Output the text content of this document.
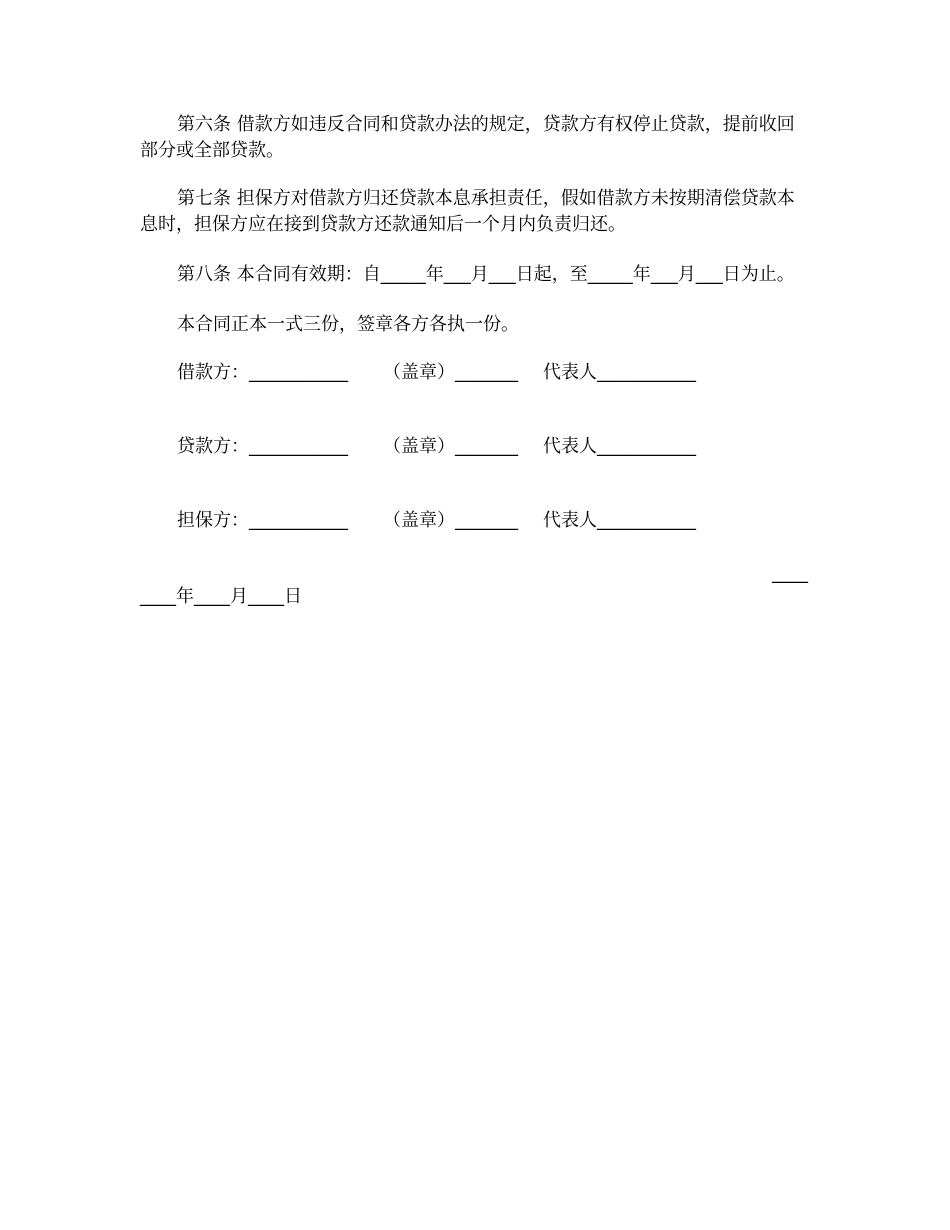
第六条 借款方如违反合同和贷款办法的规定，贷款方有权停止贷款，提前收回部分或全部贷款。

第七条 担保方对借款方归还贷款本息承担责任，假如借款方未按期清偿贷款本息时，担保方应在接到贷款方还款通知后一个月内负责归还。

第八条 本合同有效期：自_____年___月___日起，至_____年___月___日为止。

本合同正本一式三份，签章各方各执一份。

借款方：___________	（盖章）_______	代表人___________
贷款方：___________	（盖章）_______	代表人___________
担保方：___________	（盖章）_______	代表人___________
____
____年____月____日
